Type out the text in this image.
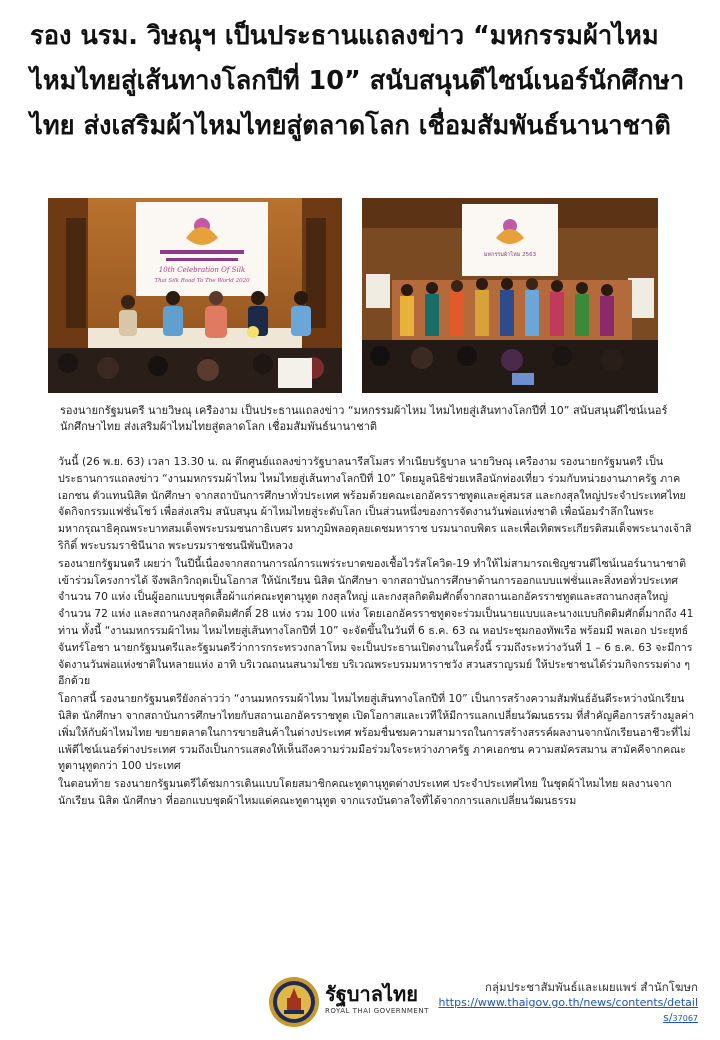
รอง นรม. วิษณุฯ เป็นประธานแถลงข่าว “มหกรรมผ้าไหม ไหมไทยสู่เส้นทางโลกปีที่ 10” สนับสนุนดีไซน์เนอร์นักศึกษาไทย ส่งเสริมผ้าไหมไทยสู่ตลาดโลก เชื่อมสัมพันธ์นานาชาติ
10th Celebration Of Silk
Thai Silk Road To The World 2020
มหกรรมผ้าไหม 2563
รองนายกรัฐมนตรี นายวิษณุ เครืองาม เป็นประธานแถลงข่าว “มหกรรมผ้าไหม ไหมไทยสู่เส้นทางโลกปีที่ 10” สนับสนุนดีไซน์เนอร์นักศึกษาไทย ส่งเสริมผ้าไหมไทยสู่ตลาดโลก เชื่อมสัมพันธ์นานาชาติ

วันนี้ (26 พ.ย. 63) เวลา 13.30 น. ณ ตึกศูนย์แถลงข่าวรัฐบาลนารีสโมสร ทำเนียบรัฐบาล นายวิษณุ เครืองาม รองนายกรัฐมนตรี เป็นประธานการแถลงข่าว “งานมหกรรมผ้าไหม ไหมไทยสู่เส้นทางโลกปีที่ 10” โดยมูลนิธิช่วยเหลือนักท่องเที่ยว ร่วมกับหน่วยงานภาครัฐ ภาคเอกชน ตัวแทนนิสิต นักศึกษา จากสถาบันการศึกษาทั่วประเทศ พร้อมด้วยคณะเอกอัครราชทูตและคู่สมรส และกงสุลใหญ่ประจำประเทศไทย จัดกิจกรรมแฟชั่นโชว์ เพื่อส่งเสริม สนับสนุน ผ้าไหมไทยสู่ระดับโลก เป็นส่วนหนึ่งของการจัดงานวันพ่อแห่งชาติ เพื่อน้อมรำลึกในพระมหากรุณาธิคุณพระบาทสมเด็จพระบรมชนกาธิเบศร มหาภูมิพลอดุลยเดชมหาราช บรมนาถบพิตร และเพื่อเทิดพระเกียรติสมเด็จพระนางเจ้าสิริกิติ์ พระบรมราชินีนาถ พระบรมราชชนนีพันปีหลวง

รองนายกรัฐมนตรี เผยว่า ในปีนี้เนื่องจากสถานการณ์การแพร่ระบาดของเชื้อไวรัสโควิด-19 ทำให้ไม่สามารถเชิญชวนดีไซน์เนอร์นานาชาติเข้าร่วมโครงการได้ จึงพลิกวิกฤตเป็นโอกาส ให้นักเรียน นิสิต นักศึกษา จากสถาบันการศึกษาด้านการออกแบบแฟชั่นและสิ่งทอทั่วประเทศ จำนวน 70 แห่ง เป็นผู้ออกแบบชุดเสื้อผ้าแก่คณะทูตานุทูต กงสุลใหญ่ และกงสุลกิตติมศักดิ์จากสถานเอกอัครราชทูตและสถานกงสุลใหญ่ จำนวน 72 แห่ง และสถานกงสุลกิตติมศักดิ์ 28 แห่ง รวม 100 แห่ง โดยเอกอัครราชทูตจะร่วมเป็นนายแบบและนางแบบกิตติมศักดิ์มากถึง 41 ท่าน ทั้งนี้ “งานมหกรรมผ้าไหม ไหมไทยสู่เส้นทางโลกปีที่ 10” จะจัดขึ้นในวันที่ 6 ธ.ค. 63 ณ หอประชุมกองทัพเรือ พร้อมมี พลเอก ประยุทธ์ จันทร์โอชา นายกรัฐมนตรีและรัฐมนตรีว่าการกระทรวงกลาโหม จะเป็นประธานเปิดงานในครั้งนี้ รวมถึงระหว่างวันที่ 1 – 6 ธ.ค. 63 จะมีการจัดงานวันพ่อแห่งชาติในหลายแห่ง อาทิ บริเวณถนนสนามไชย บริเวณพระบรมมหาราชวัง สวนสราญรมย์ ให้ประชาชนได้ร่วมกิจกรรมต่าง ๆ อีกด้วย

โอกาสนี้ รองนายกรัฐมนตรียังกล่าวว่า “งานมหกรรมผ้าไหม ไหมไทยสู่เส้นทางโลกปีที่ 10” เป็นการสร้างความสัมพันธ์อันดีระหว่างนักเรียน นิสิต นักศึกษา จากสถาบันการศึกษาไทยกับสถานเอกอัครราชทูต เปิดโอกาสและเวทีให้มีการแลกเปลี่ยนวัฒนธรรม ที่สำคัญคือการสร้างมูลค่าเพิ่มให้กับผ้าไหมไทย ขยายตลาดในการขายสินค้าในต่างประเทศ พร้อมชื่นชมความสามารถในการสร้างสรรค์ผลงานจากนักเรียนอาชีวะที่ไม่แพ้ดีไซน์เนอร์ต่างประเทศ รวมถึงเป็นการแสดงให้เห็นถึงความร่วมมือร่วมใจระหว่างภาครัฐ ภาคเอกชน ความสมัครสมาน สามัคคีจากคณะทูตานุทูตกว่า 100 ประเทศ

ในตอนท้าย รองนายกรัฐมนตรีได้ชมการเดินแบบโดยสมาชิกคณะทูตานุทูตต่างประเทศ ประจำประเทศไทย ในชุดผ้าไหมไทย ผลงานจากนักเรียน นิสิต นักศึกษา ที่ออกแบบชุดผ้าไหมแด่คณะทูตานุทูต จากแรงบันดาลใจที่ได้จากการแลกเปลี่ยนวัฒนธรรม

รัฐบาลไทย
ROYAL THAI GOVERNMENT
กลุ่มประชาสัมพันธ์และเผยแพร่ สำนักโฆษก
https://www.thaigov.go.th/news/contents/details/37067
